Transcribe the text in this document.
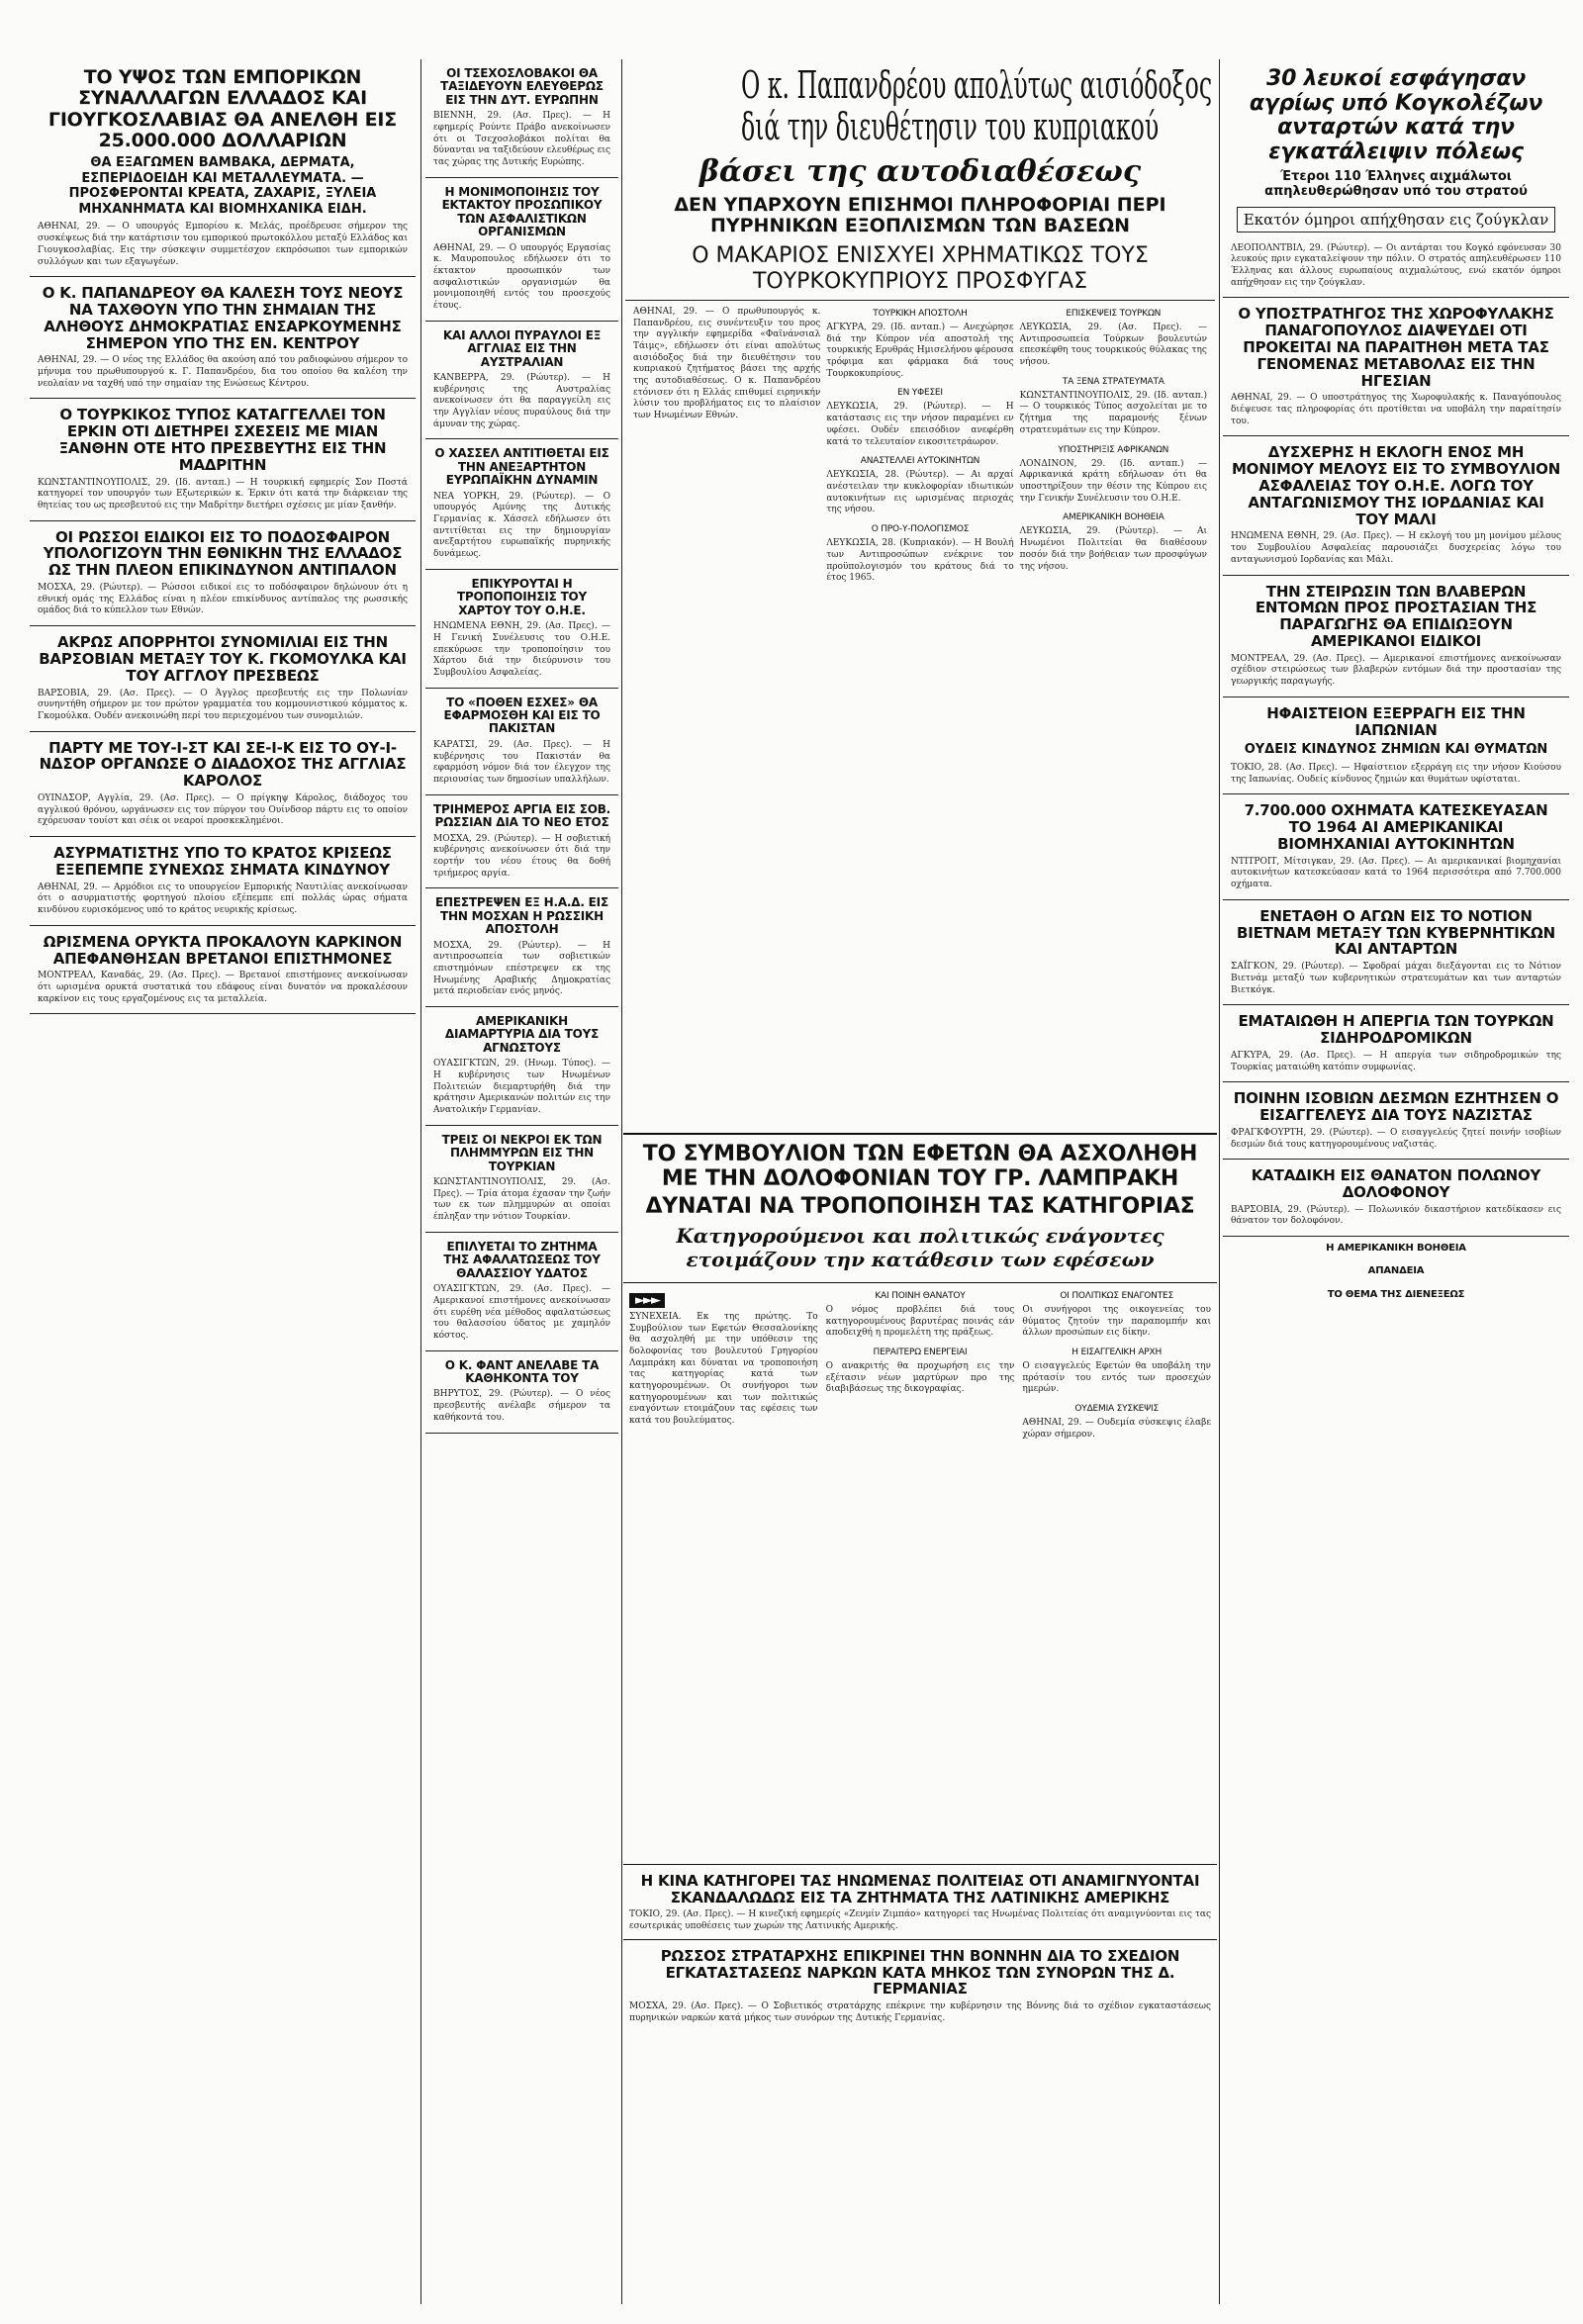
ΤΟ ΥΨΟΣ ΤΩΝ ΕΜΠΟΡΙΚΩΝ ΣΥΝΑΛΛΑΓΩΝ ΕΛΛΑΔΟΣ ΚΑΙ ΓΙΟΥΓΚΟΣΛΑΒΙΑΣ ΘΑ ΑΝΕΛΘΗ ΕΙΣ 25.000.000 ΔΟΛΛΑΡΙΩΝ
ΘΑ ΕΞΑΓΩΜΕΝ ΒΑΜΒΑΚΑ, ΔΕΡΜΑΤΑ, ΕΣΠΕΡΙΔΟΕΙΔΗ ΚΑΙ ΜΕΤΑΛΛΕΥΜΑΤΑ. — ΠΡΟΣΦΕΡΟΝΤΑΙ ΚΡΕΑΤΑ, ΖΑΧΑΡΙΣ, ΞΥΛΕΙΑ ΜΗΧΑΝΗΜΑΤΑ ΚΑΙ ΒΙΟΜΗΧΑΝΙΚΑ ΕΙΔΗ.

ΑΘΗΝΑΙ, 29. — Ο υπουργός Εμπορίου κ. Μελάς, προέδρευσε σήμερον της συσκέψεως διά την κατάρτισιν του εμπορικού πρωτοκόλλου μεταξύ Ελλάδος και Γιουγκοσλαβίας. Εις την σύσκεψιν συμμετέσχον εκπρόσωποι των εμπορικών συλλόγων και των εξαγωγέων.

Ο Κ. ΠΑΠΑΝΔΡΕΟΥ ΘΑ ΚΑΛΕΣΗ ΤΟΥΣ ΝΕΟΥΣ ΝΑ ΤΑΧΘΟΥΝ ΥΠΟ ΤΗΝ ΣΗΜΑΙΑΝ ΤΗΣ ΑΛΗΘΟΥΣ ΔΗΜΟΚΡΑΤΙΑΣ ΕΝΣΑΡΚΟΥΜΕΝΗΣ ΣΗΜΕΡΟΝ ΥΠΟ ΤΗΣ ΕΝ. ΚΕΝΤΡΟΥ

ΑΘΗΝΑΙ, 29. — Ο νέος της Ελλάδος θα ακούση από του ραδιοφώνου σήμερον το μήνυμα του πρωθυπουργού κ. Γ. Παπανδρέου, δια του οποίου θα καλέση την νεολαίαν να ταχθή υπό την σημαίαν της Ενώσεως Κέντρου.

Ο ΤΟΥΡΚΙΚΟΣ ΤΥΠΟΣ ΚΑΤΑΓΓΕΛΛΕΙ ΤΟΝ ΕΡΚΙΝ ΟΤΙ ΔΙΕΤΗΡΕΙ ΣΧΕΣΕΙΣ ΜΕ ΜΙΑΝ ΞΑΝΘΗΝ ΟΤΕ ΗΤΟ ΠΡΕΣΒΕΥΤΗΣ ΕΙΣ ΤΗΝ ΜΑΔΡΙΤΗΝ

ΚΩΝΣΤΑΝΤΙΝΟΥΠΟΛΙΣ, 29. (Ιδ. ανταπ.) — Η τουρκική εφημερίς Σον Ποστά κατηγορεί τον υπουργόν των Εξωτερικών κ. Έρκιν ότι κατά την διάρκειαν της θητείας του ως πρεσβευτού εις την Μαδρίτην διετήρει σχέσεις με μίαν ξανθήν.

ΟΙ ΡΩΣΣΟΙ ΕΙΔΙΚΟΙ ΕΙΣ ΤΟ ΠΟΔΟΣΦΑΙΡΟΝ ΥΠΟΛΟΓΙΖΟΥΝ ΤΗΝ ΕΘΝΙΚΗΝ ΤΗΣ ΕΛΛΑΔΟΣ ΩΣ ΤΗΝ ΠΛΕΟΝ ΕΠΙΚΙΝΔΥΝΟΝ ΑΝΤΙΠΑΛΟΝ

ΜΟΣΧΑ, 29. (Ρώυτερ). — Ρώσσοι ειδικοί εις το ποδόσφαιρον δηλώνουν ότι η εθνική ομάς της Ελλάδος είναι η πλέον επικίνδυνος αντίπαλος της ρωσσικής ομάδος διά το κύπελλον των Εθνών.

ΑΚΡΩΣ ΑΠΟΡΡΗΤΟΙ ΣΥΝΟΜΙΛΙΑΙ ΕΙΣ ΤΗΝ ΒΑΡΣΟΒΙΑΝ ΜΕΤΑΞΥ ΤΟΥ Κ. ΓΚΟΜΟΥΛΚΑ ΚΑΙ ΤΟΥ ΑΓΓΛΟΥ ΠΡΕΣΒΕΩΣ

ΒΑΡΣΟΒΙΑ, 29. (Ασ. Πρες). — Ο Άγγλος πρεσβευτής εις την Πολωνίαν συνηντήθη σήμερον με τον πρώτον γραμματέα του κομμουνιστικού κόμματος κ. Γκομούλκα. Ουδέν ανεκοινώθη περί του περιεχομένου των συνομιλιών.

ΠΑΡΤΥ ΜΕ ΤΟΥ-Ι-ΣΤ ΚΑΙ ΣΕ-Ι-Κ ΕΙΣ ΤΟ ΟΥ-Ι-ΝΔΣΟΡ ΟΡΓΑΝΩΣΕ Ο ΔΙΑΔΟΧΟΣ ΤΗΣ ΑΓΓΛΙΑΣ ΚΑΡΟΛΟΣ

ΟΥΙΝΔΣΟΡ, Αγγλία, 29. (Ασ. Πρες). — Ο πρίγκηψ Κάρολος, διάδοχος του αγγλικού θρόνου, ωργάνωσεν εις τον πύργον του Ουίνδσορ πάρτυ εις το οποίον εχόρευσαν τουίστ και σέικ οι νεαροί προσκεκλημένοι.

ΑΣΥΡΜΑΤΙΣΤΗΣ ΥΠΟ ΤΟ ΚΡΑΤΟΣ ΚΡΙΣΕΩΣ ΕΞΕΠΕΜΠΕ ΣΥΝΕΧΩΣ ΣΗΜΑΤΑ ΚΙΝΔΥΝΟΥ

ΑΘΗΝΑΙ, 29. — Αρμόδιοι εις το υπουργείον Εμπορικής Ναυτιλίας ανεκοίνωσαν ότι ο ασυρματιστής φορτηγού πλοίου εξέπεμπε επί πολλάς ώρας σήματα κινδύνου ευρισκόμενος υπό το κράτος νευρικής κρίσεως.

ΩΡΙΣΜΕΝΑ ΟΡΥΚΤΑ ΠΡΟΚΑΛΟΥΝ ΚΑΡΚΙΝΟΝ ΑΠΕΦΑΝΘΗΣΑΝ ΒΡΕΤΑΝΟΙ ΕΠΙΣΤΗΜΟΝΕΣ

ΜΟΝΤΡΕΑΛ, Καναδάς, 29. (Ασ. Πρες). — Βρετανοί επιστήμονες ανεκοίνωσαν ότι ωρισμένα ορυκτά συστατικά του εδάφους είναι δυνατόν να προκαλέσουν καρκίνον εις τους εργαζομένους εις τα μεταλλεία.

ΟΙ ΤΣΕΧΟΣΛΟΒΑΚΟΙ ΘΑ ΤΑΞΙΔΕΥΟΥΝ ΕΛΕΥΘΕΡΩΣ ΕΙΣ ΤΗΝ ΔΥΤ. ΕΥΡΩΠΗΝ

ΒΙΕΝΝΗ, 29. (Ασ. Πρες). — Η εφημερίς Ρούντε Πράβο ανεκοίνωσεν ότι οι Τσεχοσλοβάκοι πολίται θα δύνανται να ταξιδεύουν ελευθέρως εις τας χώρας της Δυτικής Ευρώπης.

Η ΜΟΝΙΜΟΠΟΙΗΣΙΣ ΤΟΥ ΕΚΤΑΚΤΟΥ ΠΡΟΣΩΠΙΚΟΥ ΤΩΝ ΑΣΦΑΛΙΣΤΙΚΩΝ ΟΡΓΑΝΙΣΜΩΝ

ΑΘΗΝΑΙ, 29. — Ο υπουργός Εργασίας κ. Μαυροπουλος εδήλωσεν ότι το έκτακτον προσωπικόν των ασφαλιστικών οργανισμών θα μονιμοποιηθή εντός του προσεχούς έτους.

ΚΑΙ ΑΛΛΟΙ ΠΥΡΑΥΛΟΙ ΕΞ ΑΓΓΛΙΑΣ ΕΙΣ ΤΗΝ ΑΥΣΤΡΑΛΙΑΝ

ΚΑΝΒΕΡΡΑ, 29. (Ρώυτερ). — Η κυβέρνησις της Αυστραλίας ανεκοίνωσεν ότι θα παραγγείλη εις την Αγγλίαν νέους πυραύλους διά την άμυναν της χώρας.

Ο ΧΑΣΣΕΛ ΑΝΤΙΤΙΘΕΤΑΙ ΕΙΣ ΤΗΝ ΑΝΕΞΑΡΤΗΤΟΝ ΕΥΡΩΠΑΪΚΗΝ ΔΥΝΑΜΙΝ

ΝΕΑ ΥΟΡΚΗ, 29. (Ρώυτερ). — Ο υπουργός Αμύνης της Δυτικής Γερμανίας κ. Χάσσελ εδήλωσεν ότι αντιτίθεται εις την δημιουργίαν ανεξαρτήτου ευρωπαϊκής πυρηνικής δυνάμεως.

ΕΠΙΚΥΡΟΥΤΑΙ Η ΤΡΟΠΟΠΟΙΗΣΙΣ ΤΟΥ ΧΑΡΤΟΥ ΤΟΥ Ο.Η.Ε.

ΗΝΩΜΕΝΑ ΕΘΝΗ, 29. (Ασ. Πρες). — Η Γενική Συνέλευσις του Ο.Η.Ε. επεκύρωσε την τροποποίησιν του Χάρτου διά την διεύρυνσιν του Συμβουλίου Ασφαλείας.

ΤΟ «ΠΟΘΕΝ ΕΣΧΕΣ» ΘΑ ΕΦΑΡΜΟΣΘΗ ΚΑΙ ΕΙΣ ΤΟ ΠΑΚΙΣΤΑΝ

ΚΑΡΑΤΣΙ, 29. (Ασ. Πρες). — Η κυβέρνησις του Πακιστάν θα εφαρμόση νόμον διά τον έλεγχον της περιουσίας των δημοσίων υπαλλήλων.

ΤΡΙΗΜΕΡΟΣ ΑΡΓΙΑ ΕΙΣ ΣΟΒ. ΡΩΣΣΙΑΝ ΔΙΑ ΤΟ ΝΕΟ ΕΤΟΣ

ΜΟΣΧΑ, 29. (Ρώυτερ). — Η σοβιετική κυβέρνησις ανεκοίνωσεν ότι διά την εορτήν του νέου έτους θα δοθή τριήμερος αργία.

ΕΠΕΣΤΡΕΨΕΝ ΕΞ Η.Α.Δ. ΕΙΣ ΤΗΝ ΜΟΣΧΑΝ Η ΡΩΣΣΙΚΗ ΑΠΟΣΤΟΛΗ

ΜΟΣΧΑ, 29. (Ρώυτερ). — Η αντιπροσωπεία των σοβιετικών επιστημόνων επέστρεψεν εκ της Ηνωμένης Αραβικής Δημοκρατίας μετά περιοδείαν ενός μηνός.

ΑΜΕΡΙΚΑΝΙΚΗ ΔΙΑΜΑΡΤΥΡΙΑ ΔΙΑ ΤΟΥΣ ΑΓΝΩΣΤΟΥΣ

ΟΥΑΣΙΓΚΤΩΝ, 29. (Ηνωμ. Τύπος). — Η κυβέρνησις των Ηνωμένων Πολιτειών διεμαρτυρήθη διά την κράτησιν Αμερικανών πολιτών εις την Ανατολικήν Γερμανίαν.

ΤΡΕΙΣ ΟΙ ΝΕΚΡΟΙ ΕΚ ΤΩΝ ΠΛΗΜΜΥΡΩΝ ΕΙΣ ΤΗΝ ΤΟΥΡΚΙΑΝ

ΚΩΝΣΤΑΝΤΙΝΟΥΠΟΛΙΣ, 29. (Ασ. Πρες). — Τρία άτομα έχασαν την ζωήν των εκ των πλημμυρών αι οποίαι έπληξαν την νότιον Τουρκίαν.

ΕΠΙΛΥΕΤΑΙ ΤΟ ΖΗΤΗΜΑ ΤΗΣ ΑΦΑΛΑΤΩΣΕΩΣ ΤΟΥ ΘΑΛΑΣΣΙΟΥ ΥΔΑΤΟΣ

ΟΥΑΣΙΓΚΤΩΝ, 29. (Ασ. Πρες). — Αμερικανοί επιστήμονες ανεκοίνωσαν ότι ευρέθη νέα μέθοδος αφαλατώσεως του θαλασσίου ύδατος με χαμηλόν κόστος.

Ο Κ. ΦΑΝΤ ΑΝΕΛΑΒΕ ΤΑ ΚΑΘΗΚΟΝΤΑ ΤΟΥ

ΒΗΡΥΤΟΣ, 29. (Ρώυτερ). — Ο νέος πρεσβευτής ανέλαβε σήμερον τα καθήκοντά του.

Ο κ. Παπανδρέου απολύτως αισιόδοξος
διά την διευθέτησιν του κυπριακού
βάσει της αυτοδιαθέσεως
ΔΕΝ ΥΠΑΡΧΟΥΝ ΕΠΙΣΗΜΟΙ ΠΛΗΡΟΦΟΡΙΑΙ ΠΕΡΙ ΠΥΡΗΝΙΚΩΝ ΕΞΟΠΛΙΣΜΩΝ ΤΩΝ ΒΑΣΕΩΝ
Ο ΜΑΚΑΡΙΟΣ ΕΝΙΣΧΥΕΙ ΧΡΗΜΑΤΙΚΩΣ ΤΟΥΣ ΤΟΥΡΚΟΚΥΠΡΙΟΥΣ ΠΡΟΣΦΥΓΑΣ

ΑΘΗΝΑΙ, 29. — Ο πρωθυπουργός κ. Παπανδρέου, εις συνέντευξιν του προς την αγγλικήν εφημερίδα «Φαϊνάνσιαλ Τάιμς», εδήλωσεν ότι είναι απολύτως αισιόδοξος διά την διευθέτησιν του κυπριακού ζητήματος βάσει της αρχής της αυτοδιαθέσεως. Ο κ. Παπανδρέου ετόνισεν ότι η Ελλάς επιθυμεί ειρηνικήν λύσιν του προβλήματος εις το πλαίσιον των Ηνωμένων Εθνών.

ΤΟΥΡΚΙΚΗ ΑΠΟΣΤΟΛΗ

ΑΓΚΥΡΑ, 29. (Ιδ. ανταπ.) — Ανεχώρησε διά την Κύπρον νέα αποστολή της τουρκικής Ερυθράς Ημισελήνου φέρουσα τρόφιμα και φάρμακα διά τους Τουρκοκυπρίους.

ΕΝ ΥΦΕΣΕΙ

ΛΕΥΚΩΣΙΑ, 29. (Ρώυτερ). — Η κατάστασις εις την νήσον παραμένει εν υφέσει. Ουδέν επεισόδιον ανεφέρθη κατά το τελευταίον εικοσιτετράωρον.

ΑΝΑΣΤΕΛΛΕΙ ΑΥΤΟΚΙΝΗΤΩΝ

ΛΕΥΚΩΣΙΑ, 28. (Ρώυτερ). — Αι αρχαί ανέστειλαν την κυκλοφορίαν ιδιωτικών αυτοκινήτων εις ωρισμένας περιοχάς της νήσου.

Ο ΠΡΟ-Υ-ΠΟΛΟΓΙΣΜΟΣ

ΛΕΥΚΩΣΙΑ, 28. (Κυπριακόν). — Η Βουλή των Αντιπροσώπων ενέκρινε τον προϋπολογισμόν του κράτους διά το έτος 1965.

ΕΠΙΣΚΕΨΕΙΣ ΤΟΥΡΚΩΝ

ΛΕΥΚΩΣΙΑ, 29. (Ασ. Πρες). — Αντιπροσωπεία Τούρκων βουλευτών επεσκέφθη τους τουρκικούς θύλακας της νήσου.

ΤΑ ΞΕΝΑ ΣΤΡΑΤΕΥΜΑΤΑ

ΚΩΝΣΤΑΝΤΙΝΟΥΠΟΛΙΣ, 29. (Ιδ. ανταπ.) — Ο τουρκικός Τύπος ασχολείται με το ζήτημα της παραμονής ξένων στρατευμάτων εις την Κύπρον.

ΥΠΟΣΤΗΡΙΞΙΣ ΑΦΡΙΚΑΝΩΝ

ΛΟΝΔΙΝΟΝ, 29. (Ιδ. ανταπ.) — Αφρικανικά κράτη εδήλωσαν ότι θα υποστηρίξουν την θέσιν της Κύπρου εις την Γενικήν Συνέλευσιν του Ο.Η.Ε.

ΑΜΕΡΙΚΑΝΙΚΗ ΒΟΗΘΕΙΑ

ΛΕΥΚΩΣΙΑ, 29. (Ρώυτερ). — Αι Ηνωμένοι Πολιτείαι θα διαθέσουν ποσόν διά την βοήθειαν των προσφύγων της νήσου.

ΤΟ ΣΥΜΒΟΥΛΙΟΝ ΤΩΝ ΕΦΕΤΩΝ ΘΑ ΑΣΧΟΛΗΘΗ ΜΕ ΤΗΝ ΔΟΛΟΦΟΝΙΑΝ ΤΟΥ ΓΡ. ΛΑΜΠΡΑΚΗ
ΔΥΝΑΤΑΙ ΝΑ ΤΡΟΠΟΠΟΙΗΣΗ ΤΑΣ ΚΑΤΗΓΟΡΙΑΣ
Κατηγορούμενοι και πολιτικώς ενάγοντες ετοιμάζουν την κατάθεσιν των εφέσεων
►►►

ΣΥΝΕΧΕΙΑ. Εκ της πρώτης. Το Συμβούλιον των Εφετών Θεσσαλονίκης θα ασχοληθή με την υπόθεσιν της δολοφονίας του βουλευτού Γρηγορίου Λαμπράκη και δύναται να τροποποιήση τας κατηγορίας κατά των κατηγορουμένων. Οι συνήγοροι των κατηγορουμένων και των πολιτικώς εναγόντων ετοιμάζουν τας εφέσεις των κατά του βουλεύματος.

ΚΑΙ ΠΟΙΝΗ ΘΑΝΑΤΟΥ

Ο νόμος προβλέπει διά τους κατηγορουμένους βαρυτέρας ποινάς εάν αποδειχθή η προμελέτη της πράξεως.

ΠΕΡΑΙΤΕΡΩ ΕΝΕΡΓΕΙΑΙ

Ο ανακριτής θα προχωρήση εις την εξέτασιν νέων μαρτύρων προ της διαβιβάσεως της δικογραφίας.

ΟΙ ΠΟΛΙΤΙΚΩΣ ΕΝΑΓΟΝΤΕΣ

Οι συνήγοροι της οικογενείας του θύματος ζητούν την παραπομπήν και άλλων προσώπων εις δίκην.

Η ΕΙΣΑΓΓΕΛΙΚΗ ΑΡΧΗ

Ο εισαγγελεύς Εφετών θα υποβάλη την πρότασίν του εντός των προσεχών ημερών.

ΟΥΔΕΜΙΑ ΣΥΣΚΕΨΙΣ

ΑΘΗΝΑΙ, 29. — Ουδεμία σύσκεψις έλαβε χώραν σήμερον.

Η ΚΙΝΑ ΚΑΤΗΓΟΡΕΙ ΤΑΣ ΗΝΩΜΕΝΑΣ ΠΟΛΙΤΕΙΑΣ ΟΤΙ ΑΝΑΜΙΓΝΥΟΝΤΑΙ ΣΚΑΝΔΑΛΩΔΩΣ ΕΙΣ ΤΑ ΖΗΤΗΜΑΤΑ ΤΗΣ ΛΑΤΙΝΙΚΗΣ ΑΜΕΡΙΚΗΣ

ΤΟΚΙΟ, 29. (Ασ. Πρες). — Η κινεζική εφημερίς «Ζενμίν Ζιμπάο» κατηγορεί τας Ηνωμένας Πολιτείας ότι αναμιγνύονται εις τας εσωτερικάς υποθέσεις των χωρών της Λατινικής Αμερικής.

ΡΩΣΣΟΣ ΣΤΡΑΤΑΡΧΗΣ ΕΠΙΚΡΙΝΕΙ ΤΗΝ ΒΟΝΝΗΝ ΔΙΑ ΤΟ ΣΧΕΔΙΟΝ ΕΓΚΑΤΑΣΤΑΣΕΩΣ ΝΑΡΚΩΝ ΚΑΤΑ ΜΗΚΟΣ ΤΩΝ ΣΥΝΟΡΩΝ ΤΗΣ Δ. ΓΕΡΜΑΝΙΑΣ

ΜΟΣΧΑ, 29. (Ασ. Πρες). — Ο Σοβιετικός στρατάρχης επέκρινε την κυβέρνησιν της Βόννης διά το σχέδιον εγκαταστάσεως πυρηνικών ναρκών κατά μήκος των συνόρων της Δυτικής Γερμανίας.

30 λευκοί εσφάγησαν αγρίως υπό Κογκολέζων ανταρτών κατά την εγκατάλειψιν πόλεως
Έτεροι 110 Έλληνες αιχμάλωτοι απηλευθερώθησαν υπό του στρατού
Εκατόν όμηροι απήχθησαν εις ζούγκλαν

ΛΕΟΠΟΛΝΤΒΙΛ, 29. (Ρώυτερ). — Οι αντάρται του Κογκό εφόνευσαν 30 λευκούς πριν εγκαταλείψουν την πόλιν. Ο στρατός απηλευθέρωσεν 110 Έλληνας και άλλους ευρωπαίους αιχμαλώτους, ενώ εκατόν όμηροι απήχθησαν εις την ζούγκλαν.

Ο ΥΠΟΣΤΡΑΤΗΓΟΣ ΤΗΣ ΧΩΡΟΦΥΛΑΚΗΣ ΠΑΝΑΓΟΠΟΥΛΟΣ ΔΙΑΨΕΥΔΕΙ ΟΤΙ ΠΡΟΚΕΙΤΑΙ ΝΑ ΠΑΡΑΙΤΗΘΗ ΜΕΤΑ ΤΑΣ ΓΕΝΟΜΕΝΑΣ ΜΕΤΑΒΟΛΑΣ ΕΙΣ ΤΗΝ ΗΓΕΣΙΑΝ

ΑΘΗΝΑΙ, 29. — Ο υποστράτηγος της Χωροφυλακής κ. Παναγόπουλος διέψευσε τας πληροφορίας ότι προτίθεται να υποβάλη την παραίτησίν του.

ΔΥΣΧΕΡΗΣ Η ΕΚΛΟΓΗ ΕΝΟΣ ΜΗ ΜΟΝΙΜΟΥ ΜΕΛΟΥΣ ΕΙΣ ΤΟ ΣΥΜΒΟΥΛΙΟΝ ΑΣΦΑΛΕΙΑΣ ΤΟΥ Ο.Η.Ε. ΛΟΓΩ ΤΟΥ ΑΝΤΑΓΩΝΙΣΜΟΥ ΤΗΣ ΙΟΡΔΑΝΙΑΣ ΚΑΙ ΤΟΥ ΜΑΛΙ

ΗΝΩΜΕΝΑ ΕΘΝΗ, 29. (Ασ. Πρες). — Η εκλογή του μη μονίμου μέλους του Συμβουλίου Ασφαλείας παρουσιάζει δυσχερείας λόγω του ανταγωνισμού Ιορδανίας και Μάλι.

ΤΗΝ ΣΤΕΙΡΩΣΙΝ ΤΩΝ ΒΛΑΒΕΡΩΝ ΕΝΤΟΜΩΝ ΠΡΟΣ ΠΡΟΣΤΑΣΙΑΝ ΤΗΣ ΠΑΡΑΓΩΓΗΣ ΘΑ ΕΠΙΔΙΩΞΟΥΝ ΑΜΕΡΙΚΑΝΟΙ ΕΙΔΙΚΟΙ

ΜΟΝΤΡΕΑΛ, 29. (Ασ. Πρες). — Αμερικανοί επιστήμονες ανεκοίνωσαν σχέδιον στειρώσεως των βλαβερών εντόμων διά την προστασίαν της γεωργικής παραγωγής.

ΗΦΑΙΣΤΕΙΟΝ ΕΞΕΡΡΑΓΗ ΕΙΣ ΤΗΝ ΙΑΠΩΝΙΑΝ
ΟΥΔΕΙΣ ΚΙΝΔΥΝΟΣ ΖΗΜΙΩΝ ΚΑΙ ΘΥΜΑΤΩΝ

ΤΟΚΙΟ, 28. (Ασ. Πρες). — Ηφαίστειον εξερράγη εις την νήσον Κιούσου της Ιαπωνίας. Ουδείς κίνδυνος ζημιών και θυμάτων υφίσταται.

7.700.000 ΟΧΗΜΑΤΑ ΚΑΤΕΣΚΕΥΑΣΑΝ ΤΟ 1964 ΑΙ ΑΜΕΡΙΚΑΝΙΚΑΙ ΒΙΟΜΗΧΑΝΙΑΙ ΑΥΤΟΚΙΝΗΤΩΝ

ΝΤΙΤΡΟΙΤ, Μίτσιγκαν, 29. (Ασ. Πρες). — Αι αμερικανικαί βιομηχανίαι αυτοκινήτων κατεσκεύασαν κατά το 1964 περισσότερα από 7.700.000 οχήματα.

ΕΝΕΤΑΘΗ Ο ΑΓΩΝ ΕΙΣ ΤΟ ΝΟΤΙΟΝ ΒΙΕΤΝΑΜ ΜΕΤΑΞΥ ΤΩΝ ΚΥΒΕΡΝΗΤΙΚΩΝ ΚΑΙ ΑΝΤΑΡΤΩΝ

ΣΑΪΓΚΟΝ, 29. (Ρώυτερ). — Σφοδραί μάχαι διεξάγονται εις το Νότιον Βιετνάμ μεταξύ των κυβερνητικών στρατευμάτων και των ανταρτών Βιετκόγκ.

ΕΜΑΤΑΙΩΘΗ Η ΑΠΕΡΓΙΑ ΤΩΝ ΤΟΥΡΚΩΝ ΣΙΔΗΡΟΔΡΟΜΙΚΩΝ

ΑΓΚΥΡΑ, 29. (Ασ. Πρες). — Η απεργία των σιδηροδρομικών της Τουρκίας ματαιώθη κατόπιν συμφωνίας.

ΠΟΙΝΗΝ ΙΣΟΒΙΩΝ ΔΕΣΜΩΝ ΕΖΗΤΗΣΕΝ Ο ΕΙΣΑΓΓΕΛΕΥΣ ΔΙΑ ΤΟΥΣ ΝΑΖΙΣΤΑΣ

ΦΡΑΓΚΦΟΥΡΤΗ, 29. (Ρώυτερ). — Ο εισαγγελεύς ζητεί ποινήν ισοβίων δεσμών διά τους κατηγορουμένους ναζιστάς.

ΚΑΤΑΔΙΚΗ ΕΙΣ ΘΑΝΑΤΟΝ ΠΟΛΩΝΟΥ ΔΟΛΟΦΟΝΟΥ

ΒΑΡΣΟΒΙΑ, 29. (Ρώυτερ). — Πολωνικόν δικαστήριον κατεδίκασεν εις θάνατον τον δολοφόνον.

Η ΑΜΕΡΙΚΑΝΙΚΗ ΒΟΗΘΕΙΑ
ΑΠΑΝΔΕΙΑ
ΤΟ ΘΕΜΑ ΤΗΣ ΔΙΕΝΕΞΕΩΣ
